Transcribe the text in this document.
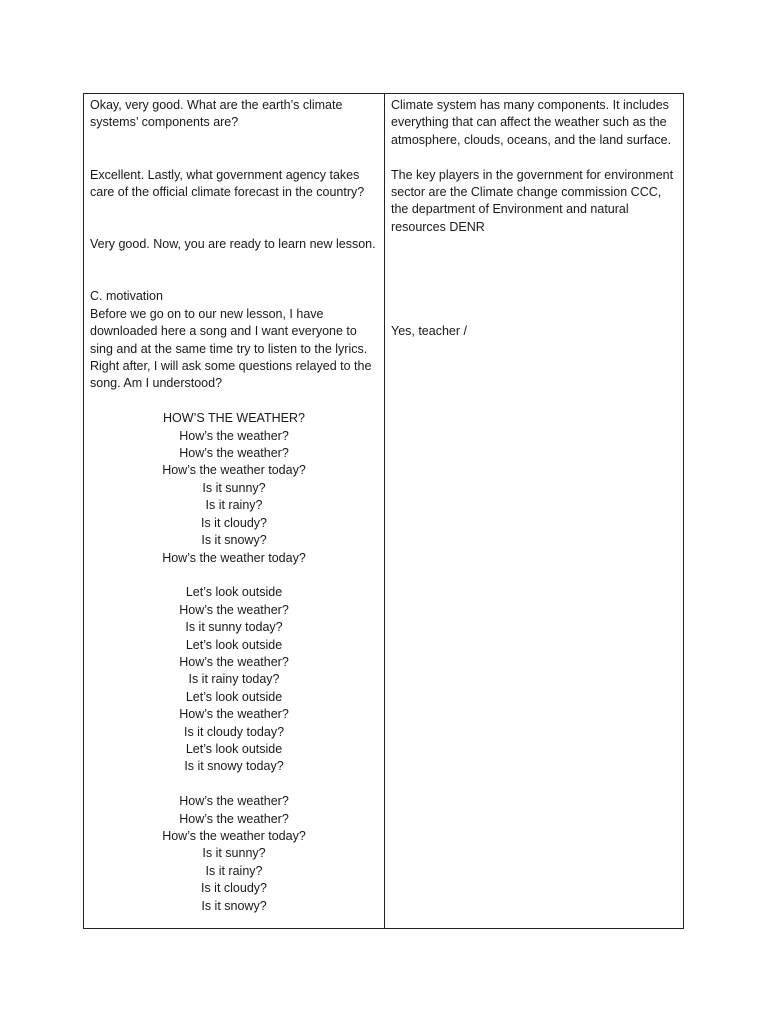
Okay, very good. What are the earth’s climate systems’ components are?

Excellent. Lastly, what government agency takes care of the official climate forecast in the country?

Very good. Now, you are ready to learn new lesson.

C. motivation

Before we go on to our new lesson, I have downloaded here a song and I want everyone to sing and at the same time try to listen to the lyrics. Right after, I will ask some questions relayed to the song. Am I understood?

HOW’S THE WEATHER?

How’s the weather?

How’s the weather?

How’s the weather today?

Is it sunny?

Is it rainy?

Is it cloudy?

Is it snowy?

How’s the weather today?

Let’s look outside

How’s the weather?

Is it sunny today?

Let’s look outside

How’s the weather?

Is it rainy today?

Let’s look outside

How’s the weather?

Is it cloudy today?

Let’s look outside

Is it snowy today?

How’s the weather?

How’s the weather?

How’s the weather today?

Is it sunny?

Is it rainy?

Is it cloudy?

Is it snowy?

Climate system has many components. It includes everything that can affect the weather such as the atmosphere, clouds, oceans, and the land surface.

The key players in the government for environment sector are the Climate change commission CCC, the department of Environment and natural resources DENR

Yes, teacher /
